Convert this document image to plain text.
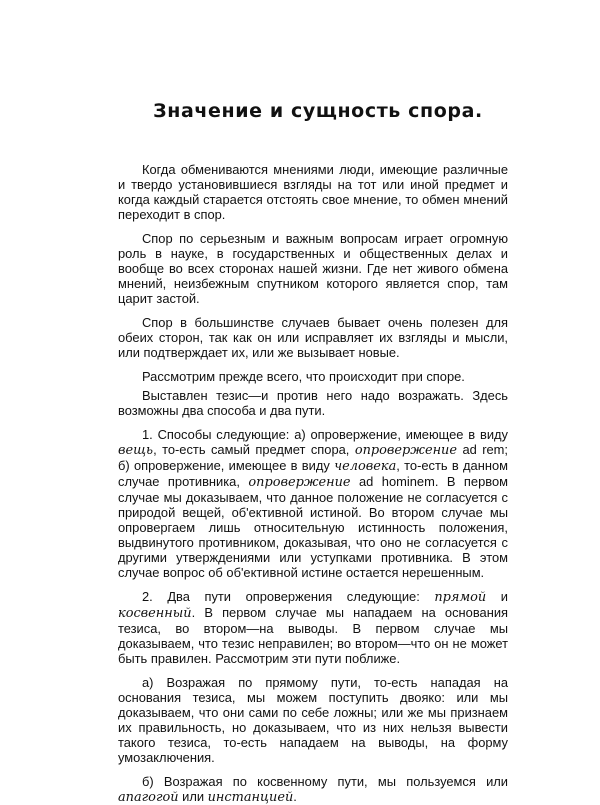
Значение и сущность спора.

Когда обмениваются мнениями люди, имеющие различные и твердо установившиеся взгляды на тот или иной предмет и когда каждый старается отстоять свое мнение, то обмен мнений переходит в спор.

Спор по серьезным и важным вопросам играет огромную роль в науке, в государственных и общественных делах и вообще во всех сторонах нашей жизни. Где нет живого обмена мнений, неизбежным спутником которого является спор, там царит застой.

Спор в большинстве случаев бывает очень полезен для обеих сторон, так как он или исправляет их взгляды и мысли, или подтверждает их, или же вызывает новые.

Рассмотрим прежде всего, что происходит при споре.

Выставлен тезис—и против него надо возражать. Здесь возможны два способа и два пути.

1. Способы следующие: а) опровержение, имеющее в виду вещь, то-есть самый предмет спора, опровержение ad rem; б) опровержение, имеющее в виду человека, то-есть в данном случае противника, опровержение ad hominem. В первом случае мы доказываем, что данное положение не согласуется с природой вещей, об'ективной истиной. Во втором случае мы опровергаем лишь относительную истинность положения, выдвинутого противником, доказывая, что оно не согласуется с другими утверждениями или уступками противника. В этом случае вопрос об об'ективной истине остается нерешенным.

2. Два пути опровержения следующие: прямой и косвенный. В первом случае мы нападаем на основания тезиса, во втором—на выводы. В первом случае мы доказываем, что тезис неправилен; во втором—что он не может быть правилен. Рассмотрим эти пути поближе.

а) Возражая по прямому пути, то-есть нападая на основания тезиса, мы можем поступить двояко: или мы доказываем, что они сами по себе ложны; или же мы признаем их правильность, но доказываем, что из них нельзя вывести такого тезиса, то-есть нападаем на выводы, на форму умозаключения.

б) Возражая по косвенному пути, мы пользуемся или апагогой или инстанцией.
